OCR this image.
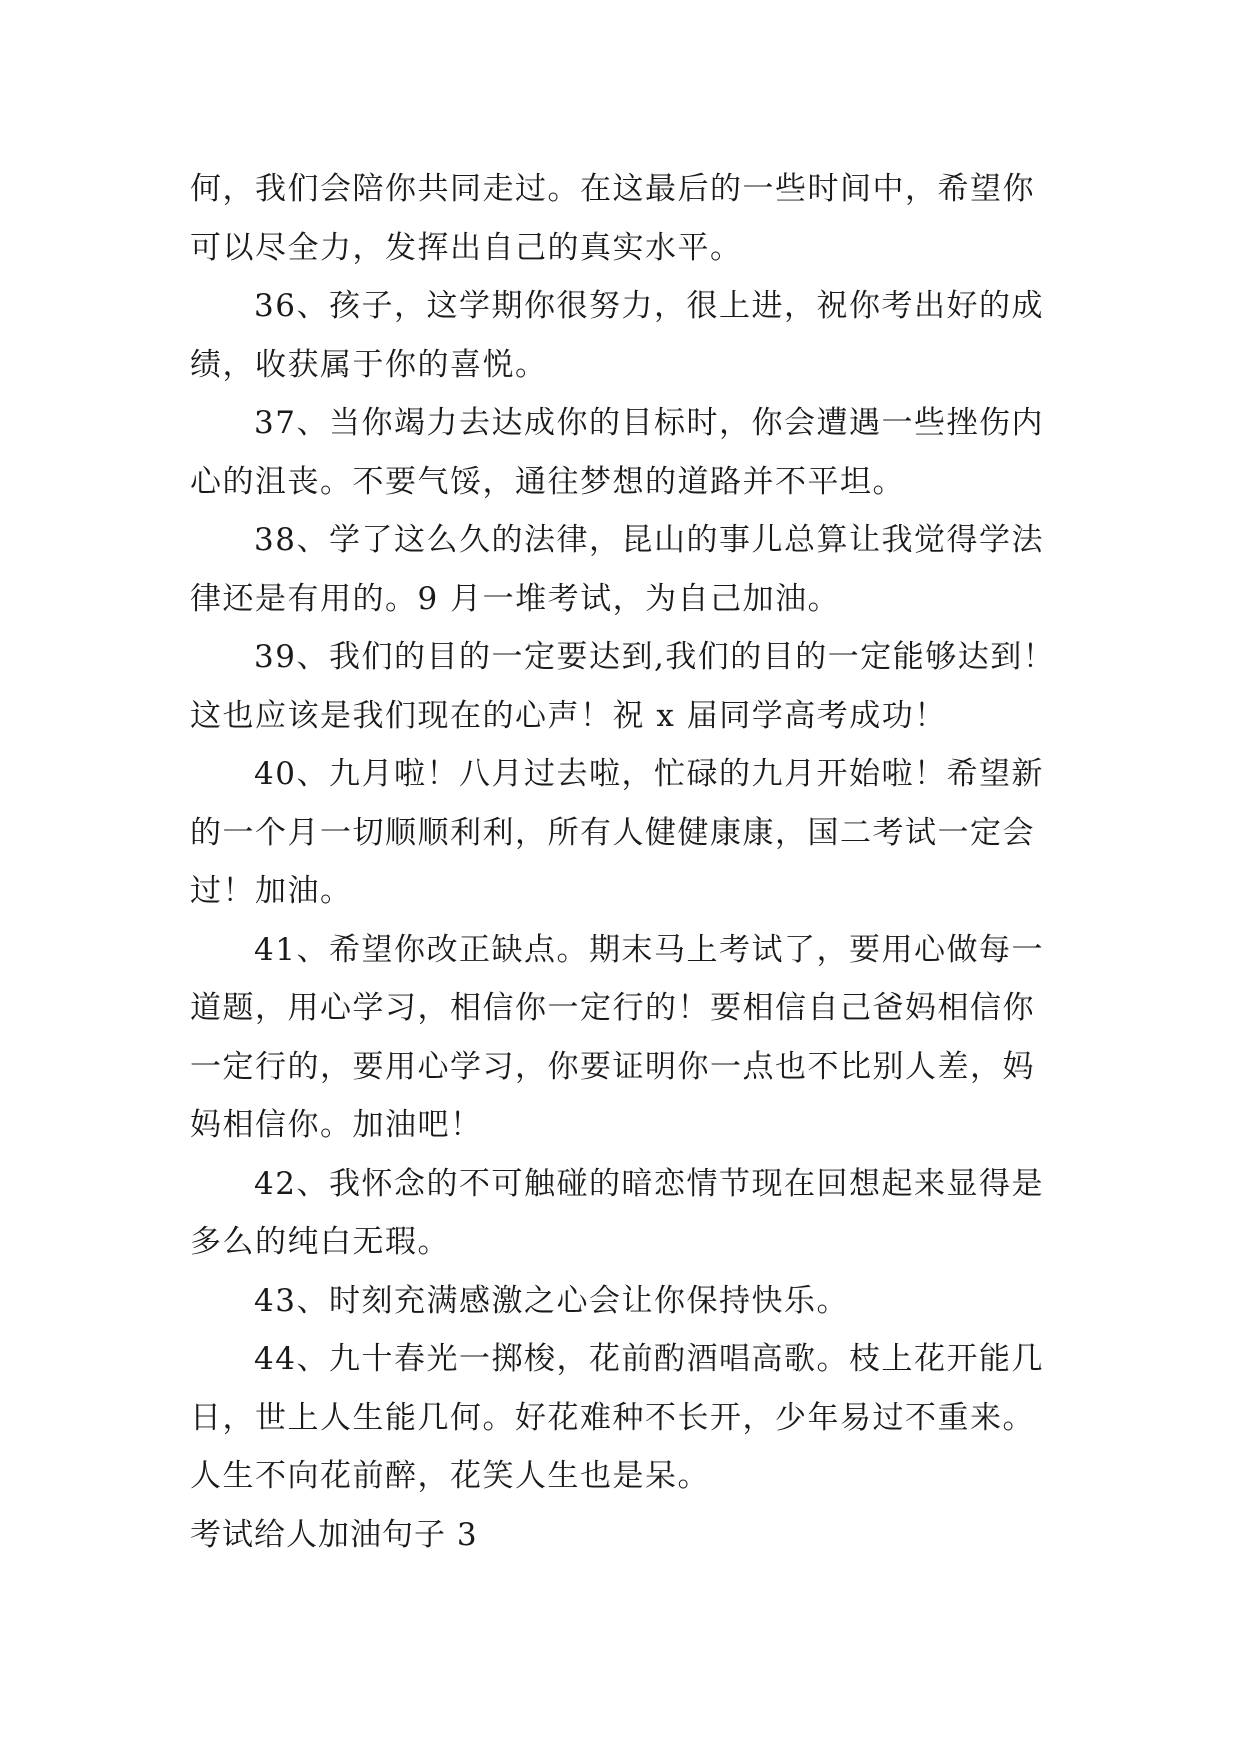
何，我们会陪你共同走过。在这最后的一些时间中，希望你
可以尽全力，发挥出自己的真实水平。

36、孩子，这学期你很努力，很上进，祝你考出好的成
绩，收获属于你的喜悦。

37、当你竭力去达成你的目标时，你会遭遇一些挫伤内
心的沮丧。不要气馁，通往梦想的道路并不平坦。

38、学了这么久的法律，昆山的事儿总算让我觉得学法
律还是有用的。9 月一堆考试，为自己加油。

39、我们的目的一定要达到,我们的目的一定能够达到！
这也应该是我们现在的心声！祝 x 届同学高考成功！

40、九月啦！八月过去啦，忙碌的九月开始啦！希望新
的一个月一切顺顺利利，所有人健健康康，国二考试一定会
过！加油。

41、希望你改正缺点。期末马上考试了，要用心做每一
道题，用心学习，相信你一定行的！要相信自己爸妈相信你
一定行的，要用心学习，你要证明你一点也不比别人差，妈
妈相信你。加油吧！

42、我怀念的不可触碰的暗恋情节现在回想起来显得是
多么的纯白无瑕。

43、时刻充满感激之心会让你保持快乐。

44、九十春光一掷梭，花前酌酒唱高歌。枝上花开能几
日，世上人生能几何。好花难种不长开，少年易过不重来。
人生不向花前醉，花笑人生也是呆。

考试给人加油句子 3
